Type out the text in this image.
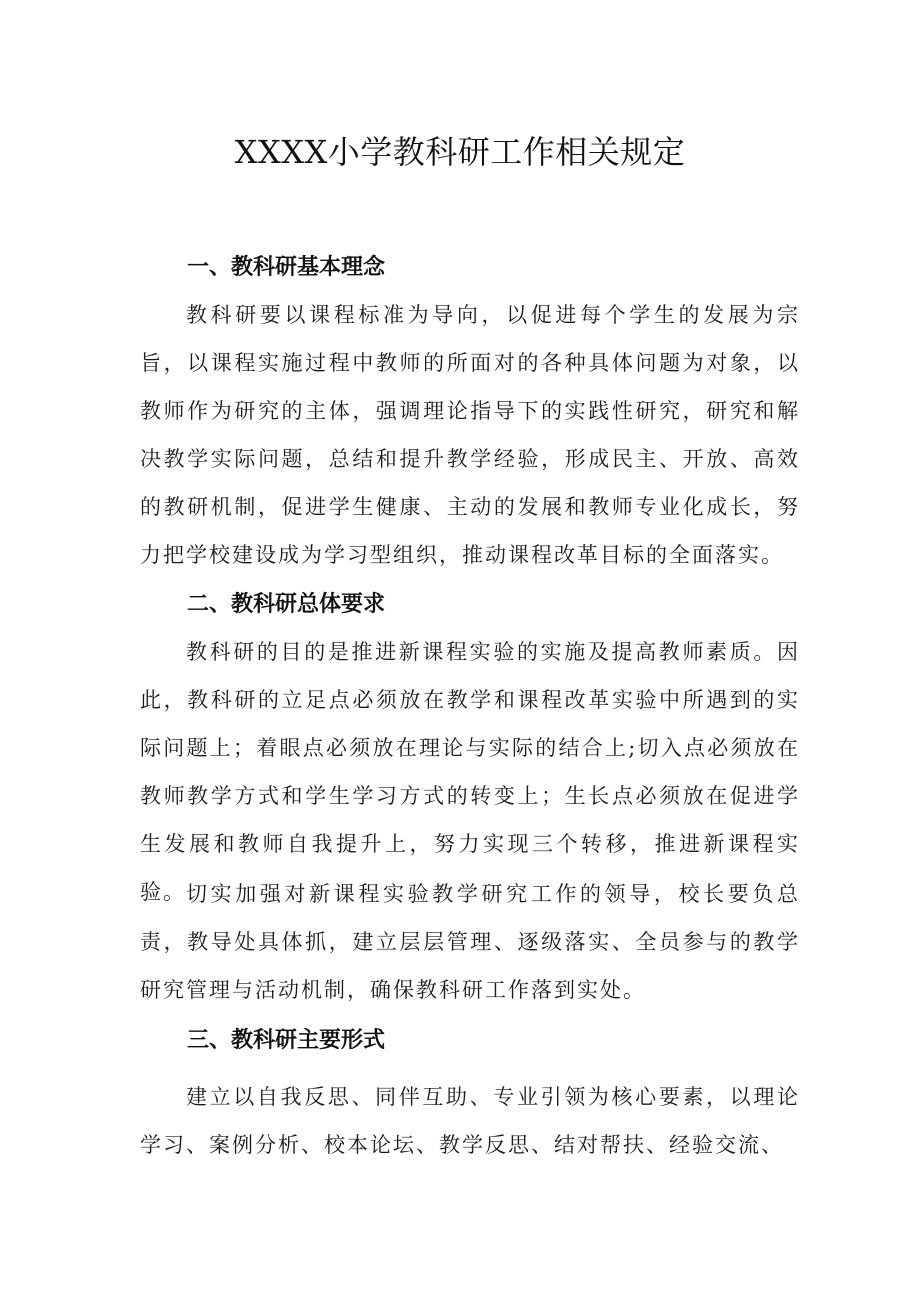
XXXX小学教科研工作相关规定
一、教科研基本理念

教科研要以课程标准为导向，以促进每个学生的发展为宗旨，以课程实施过程中教师的所面对的各种具体问题为对象，以教师作为研究的主体，强调理论指导下的实践性研究，研究和解决教学实际问题，总结和提升教学经验，形成民主、开放、高效的教研机制，促进学生健康、主动的发展和教师专业化成长，努力把学校建设成为学习型组织，推动课程改革目标的全面落实。

二、教科研总体要求

教科研的目的是推进新课程实验的实施及提高教师素质。因此，教科研的立足点必须放在教学和课程改革实验中所遇到的实际问题上；着眼点必须放在理论与实际的结合上;切入点必须放在教师教学方式和学生学习方式的转变上；生长点必须放在促进学生发展和教师自我提升上，努力实现三个转移，推进新课程实验。 切实加强对新课程实验教学研究工作的领导，校长要负总责，教导处具体抓，建立层层管理、逐级落实、全员参与的教学研究管理与活动机制，确保教科研工作落到实处。

三、教科研主要形式

建立以自我反思、同伴互助、专业引领为核心要素，以理论学习、案例分析、校本论坛、教学反思、结对帮扶、经验交流、
